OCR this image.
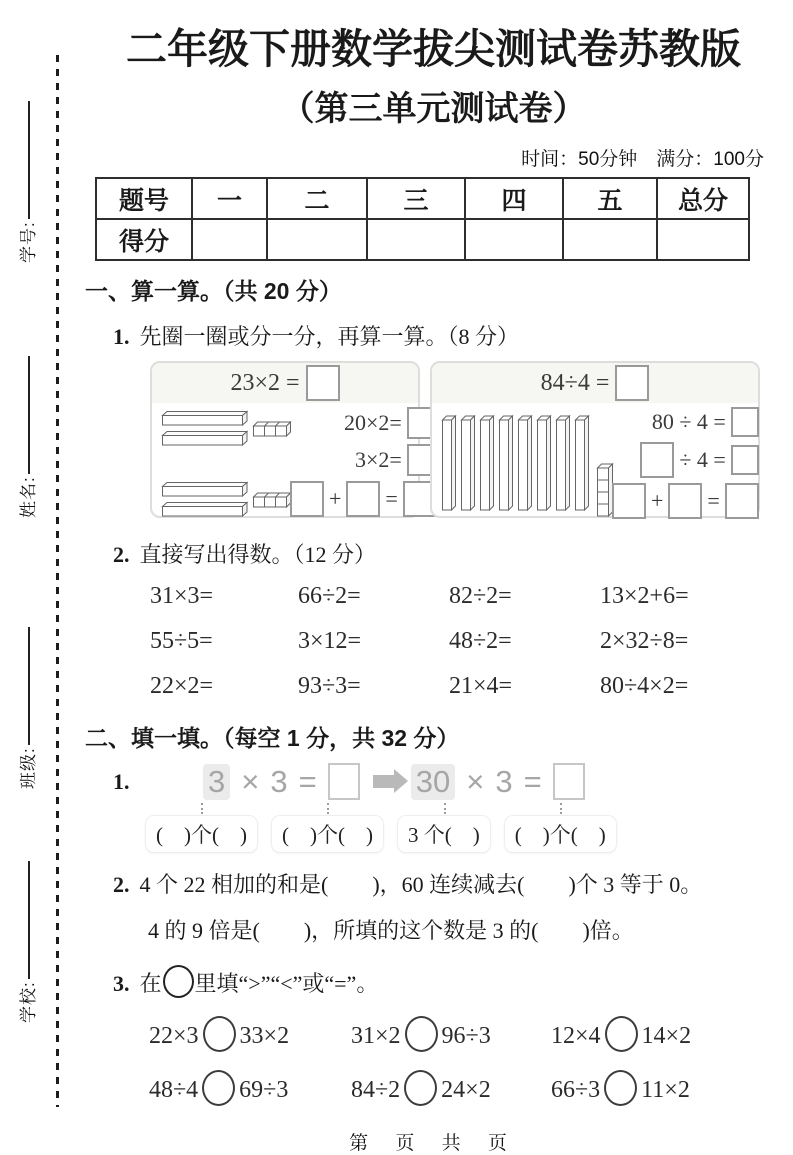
学号:
姓名:
班级:
学校:
二年级下册数学拔尖测试卷苏教版
（第三单元测试卷）
时间：50分钟　满分：100分
题号	一	二	三	四	五	总分
得分						
一、算一算。（共 20 分）
1. 先圈一圈或分一分，再算一算。（8 分）
23×2 =
20×2=
3×2=
+ =
84÷4 =
80 ÷ 4 =
÷ 4 =
+ =
2. 直接写出得数。（12 分）
31×3=	66÷2=	82÷2=	13×2+6=
55÷5=	3×12=	48÷2=	2×32÷8=
22×2=	93÷3=	21×4=	80÷4×2=
二、填一填。（每空 1 分，共 32 分）
1.	3 × 3 =	30 × 3 =
(　)个(　)	(　)个(　)	3 个(　)	(　)个(　)
2. 4 个 22 相加的和是(　　)，60 连续减去(　　)个 3 等于 0。
4 的 9 倍是(　　)，所填的这个数是 3 的(　　)倍。
3. 在 里填“>”“<”或“=”。
22×3 33×2	31×2 96÷3	12×4 14×2
48÷4 69÷3	84÷2 24×2	66÷3 11×2
第 页 共 页
